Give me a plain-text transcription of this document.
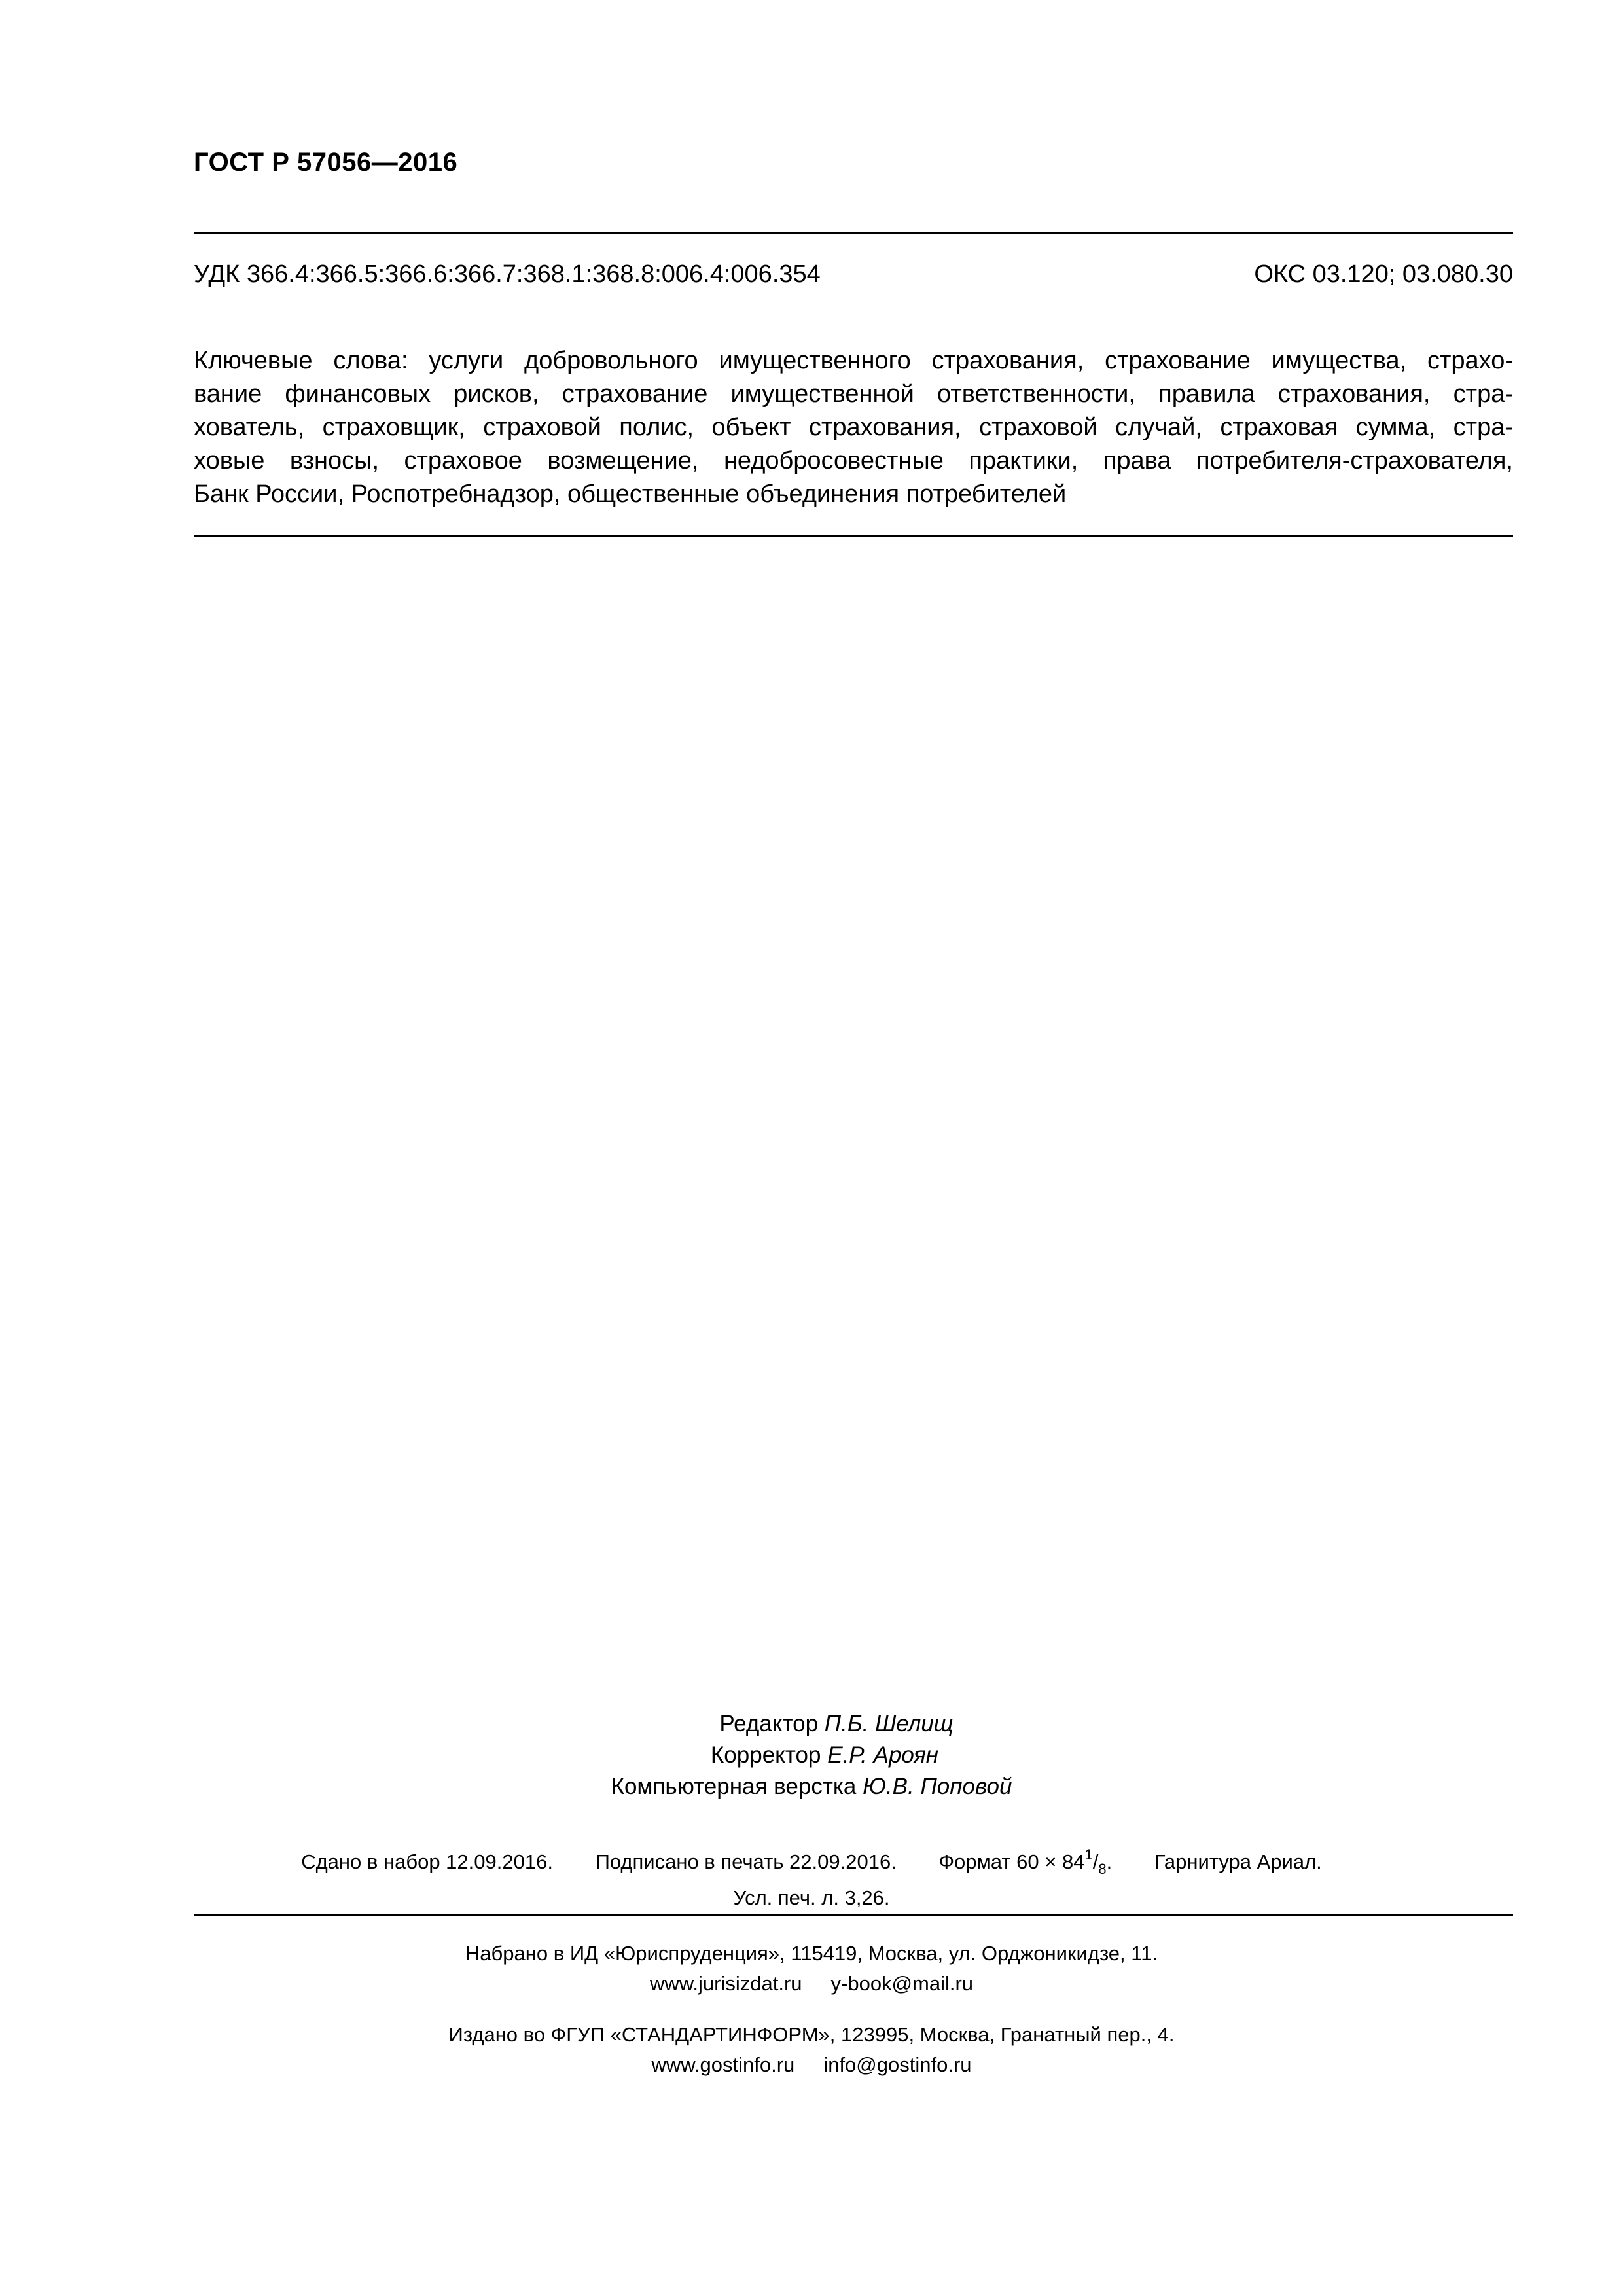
ГОСТ Р 57056—2016
УДК 366.4:366.5:366.6:366.7:368.1:368.8:006.4:006.354	ОКС 03.120; 03.080.30
Ключевые слова: услуги добровольного имущественного страхования, страхование имущества, страхо-
вание финансовых рисков, страхование имущественной ответственности, правила страхования, стра-
хователь, страховщик, страховой полис, объект страхования, страховой случай, страховая сумма, стра-
ховые взносы, страховое возмещение, недобросовестные практики, права потребителя-страхователя,
Банк России, Роспотребнадзор, общественные объединения потребителей
Редактор П.Б. Шелищ
Корректор Е.Р. Ароян
Компьютерная верстка Ю.В. Поповой
Сдано в набор 12.09.2016. Подписано в печать 22.09.2016. Формат $60 \times 84^1/_8$. Гарнитура Ариал.
Усл. печ. л. 3,26.
Набрано в ИД «Юриспруденция», 115419, Москва, ул. Орджоникидзе, 11.
www.jurisizdat.ru y-book@mail.ru
Издано во ФГУП «СТАНДАРТИНФОРМ», 123995, Москва, Гранатный пер., 4.
www.gostinfo.ru info@gostinfo.ru
